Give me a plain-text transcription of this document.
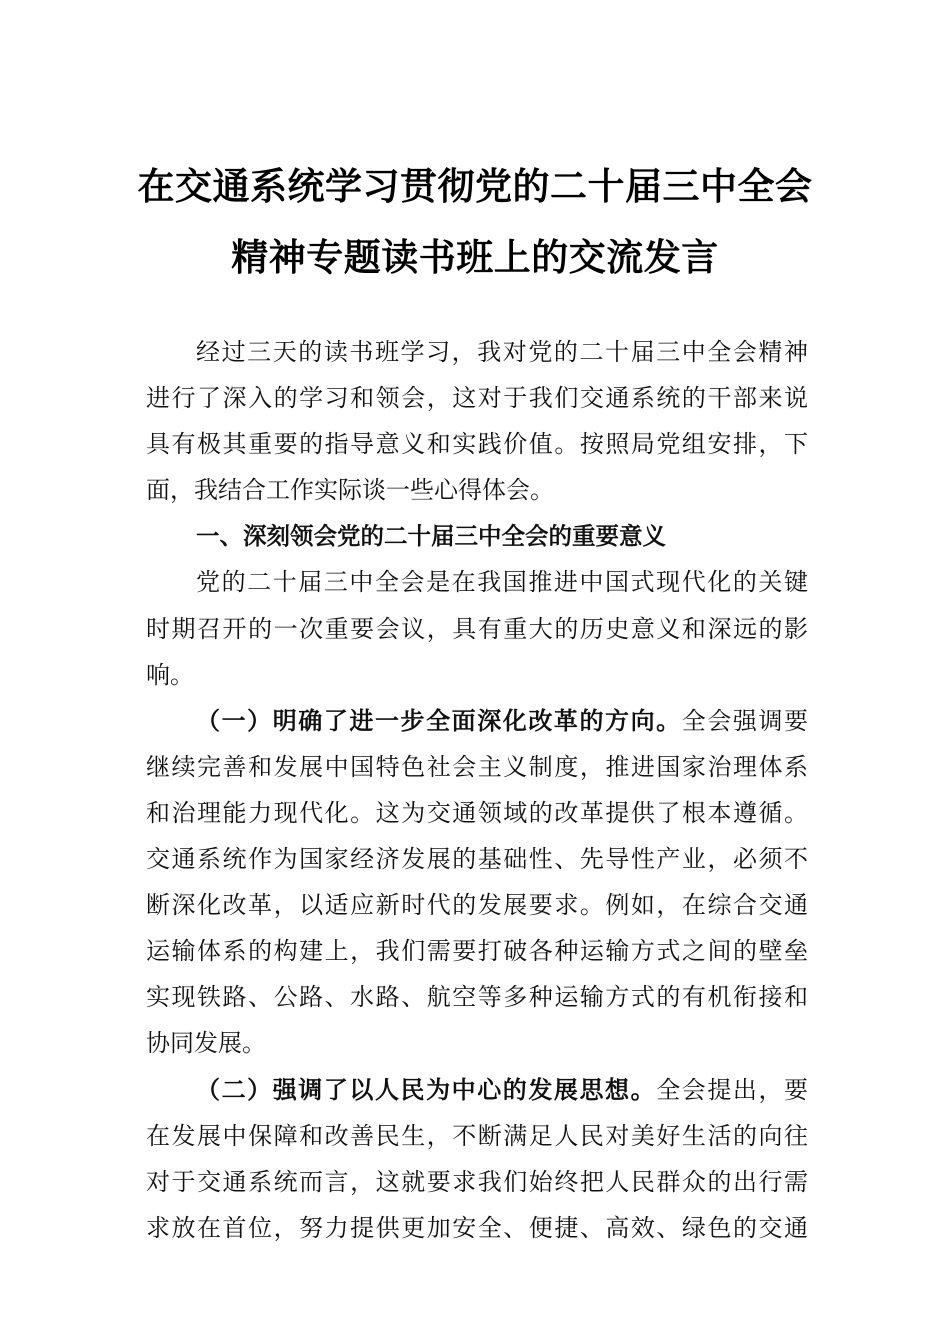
在交通系统学习贯彻党的二十届三中全会
精神专题读书班上的交流发言
经过三天的读书班学习，我对党的二十届三中全会精神
进行了深入的学习和领会，这对于我们交通系统的干部来说
具有极其重要的指导意义和实践价值。按照局党组安排，下
面，我结合工作实际谈一些心得体会。
一、深刻领会党的二十届三中全会的重要意义
党的二十届三中全会是在我国推进中国式现代化的关键
时期召开的一次重要会议，具有重大的历史意义和深远的影
响。
（一）明确了进一步全面深化改革的方向。全会强调要
继续完善和发展中国特色社会主义制度，推进国家治理体系
和治理能力现代化。这为交通领域的改革提供了根本遵循。
交通系统作为国家经济发展的基础性、先导性产业，必须不
断深化改革，以适应新时代的发展要求。例如，在综合交通
运输体系的构建上，我们需要打破各种运输方式之间的壁垒
实现铁路、公路、水路、航空等多种运输方式的有机衔接和
协同发展。
（二）强调了以人民为中心的发展思想。全会提出，要
在发展中保障和改善民生，不断满足人民对美好生活的向往
对于交通系统而言，这就要求我们始终把人民群众的出行需
求放在首位，努力提供更加安全、便捷、高效、绿色的交通
